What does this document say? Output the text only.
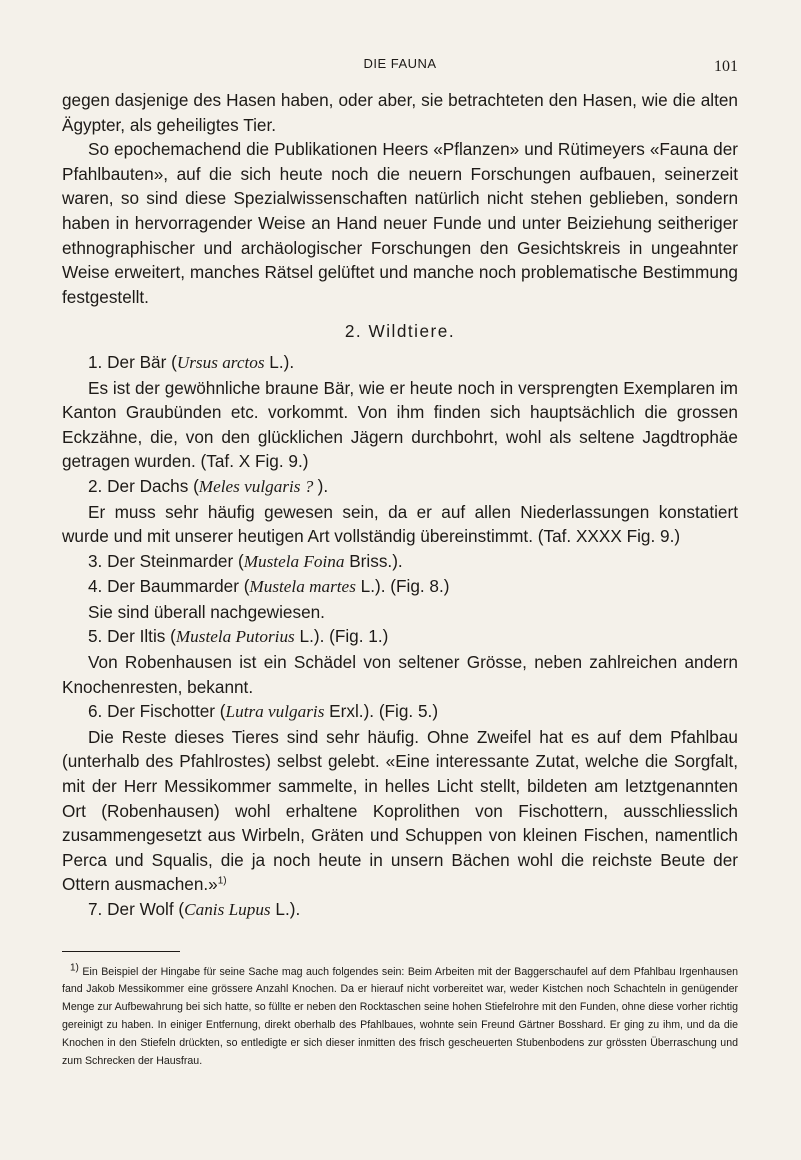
DIE FAUNA	101

gegen dasjenige des Hasen haben, oder aber, sie betrachteten den Hasen, wie die alten Ägypter, als geheiligtes Tier.

So epochemachend die Publikationen Heers «Pflanzen» und Rütimeyers «Fauna der Pfahlbauten», auf die sich heute noch die neuern Forschungen aufbauen, seinerzeit waren, so sind diese Spezialwissenschaften natürlich nicht stehen geblieben, sondern haben in hervorragender Weise an Hand neuer Funde und unter Beiziehung seitheriger ethnographischer und archäologischer Forschungen den Gesichtskreis in ungeahnter Weise erweitert, manches Rätsel gelüftet und manche noch problematische Bestimmung festgestellt.

2. Wildtiere.

1. Der Bär (Ursus arctos L.).

Es ist der gewöhnliche braune Bär, wie er heute noch in versprengten Exemplaren im Kanton Graubünden etc. vorkommt. Von ihm finden sich hauptsächlich die grossen Eckzähne, die, von den glücklichen Jägern durchbohrt, wohl als seltene Jagdtrophäe getragen wurden. (Taf. X Fig. 9.)

2. Der Dachs (Meles vulgaris ? ).

Er muss sehr häufig gewesen sein, da er auf allen Niederlassungen konstatiert wurde und mit unserer heutigen Art vollständig übereinstimmt. (Taf. XXXX Fig. 9.)

3. Der Steinmarder (Mustela Foina Briss.).

4. Der Baummarder (Mustela martes L.). (Fig. 8.)

Sie sind überall nachgewiesen.

5. Der Iltis (Mustela Putorius L.). (Fig. 1.)

Von Robenhausen ist ein Schädel von seltener Grösse, neben zahlreichen andern Knochenresten, bekannt.

6. Der Fischotter (Lutra vulgaris Erxl.). (Fig. 5.)

Die Reste dieses Tieres sind sehr häufig. Ohne Zweifel hat es auf dem Pfahlbau (unterhalb des Pfahlrostes) selbst gelebt. «Eine interessante Zutat, welche die Sorgfalt, mit der Herr Messikommer sammelte, in helles Licht stellt, bildeten am letztgenannten Ort (Robenhausen) wohl erhaltene Koprolithen von Fischottern, ausschliesslich zusammengesetzt aus Wirbeln, Gräten und Schuppen von kleinen Fischen, namentlich Perca und Squalis, die ja noch heute in unsern Bächen wohl die reichste Beute der Ottern ausmachen.»$^{1)}$

7. Der Wolf (Canis Lupus L.).

$^{1)}$ Ein Beispiel der Hingabe für seine Sache mag auch folgendes sein: Beim Arbeiten mit der Baggerschaufel auf dem Pfahlbau Irgenhausen fand Jakob Messikommer eine grössere Anzahl Knochen. Da er hierauf nicht vorbereitet war, weder Kistchen noch Schachteln in genügender Menge zur Aufbewahrung bei sich hatte, so füllte er neben den Rocktaschen seine hohen Stiefelrohre mit den Funden, ohne diese vorher richtig gereinigt zu haben. In einiger Entfernung, direkt oberhalb des Pfahlbaues, wohnte sein Freund Gärtner Bosshard. Er ging zu ihm, und da die Knochen in den Stiefeln drückten, so entledigte er sich dieser inmitten des frisch gescheuerten Stubenbodens zur grössten Überraschung und zum Schrecken der Hausfrau.
